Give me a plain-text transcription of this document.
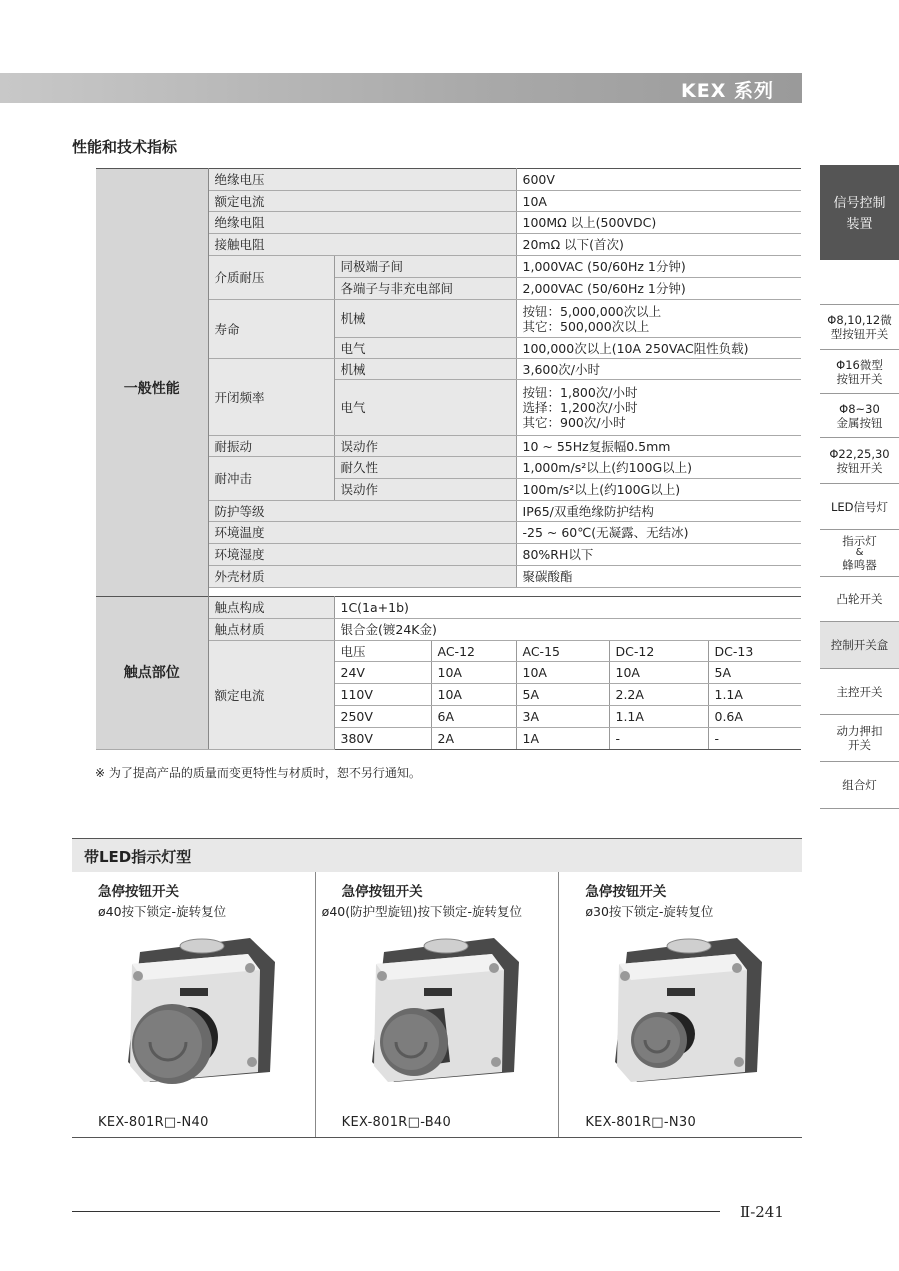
KEX 系列
性能和技术指标
一般性能	绝缘电压		600V
	额定电流		10A
	绝缘电阻		100MΩ 以上(500VDC)
	接触电阻		20mΩ 以下(首次)
	介质耐压	同极端子间	1,000VAC (50/60Hz 1分钟)
		各端子与非充电部间	2,000VAC (50/60Hz 1分钟)
	寿命	机械	按钮：5,000,000次以上
其它：500,000次以上

		电气	100,000次以上(10A 250VAC阻性负载)
	开闭频率	机械	3,600次/小时
		电气	按钮：1,800次/小时
选择：1,200次/小时
其它：900次/小时

	耐振动	误动作	10 ~ 55Hz复振幅0.5mm
	耐冲击	耐久性	1,000m/s²以上(约100G以上)
		误动作	100m/s²以上(约100G以上)
	防护等级		IP65/双重绝缘防护结构
	环境温度		-25 ~ 60℃(无凝露、无结冰)
	环境湿度		80%RH以下
	外壳材质		聚碳酸酯

触点部位	触点构成	1C(1a+1b)				
	触点材质	银合金(镀24K金)				
	额定电流	电压	AC-12	AC-15	DC-12	DC-13
		24V	10A	10A	10A	5A
		110V	10A	5A	2.2A	1.1A
		250V	6A	3A	1.1A	0.6A
		380V	2A	1A	-	-
※ 为了提高产品的质量而变更特性与材质时，恕不另行通知。
信号控制
装置
Φ8,10,12微
型按钮开关
Φ16微型
按钮开关
Φ8~30
金属按钮
Φ22,25,30
按钮开关
LED信号灯
指示灯
&
蜂鸣器
凸轮开关
控制开关盒
主控开关
动力押扣
开关
组合灯
带LED指示灯型
急停按钮开关
ø40按下锁定-旋转复位
KEX-801R□-N40
急停按钮开关
ø40(防护型旋钮)按下锁定-旋转复位
KEX-801R□-B40
急停按钮开关
ø30按下锁定-旋转复位
KEX-801R□-N30
Ⅱ-241
